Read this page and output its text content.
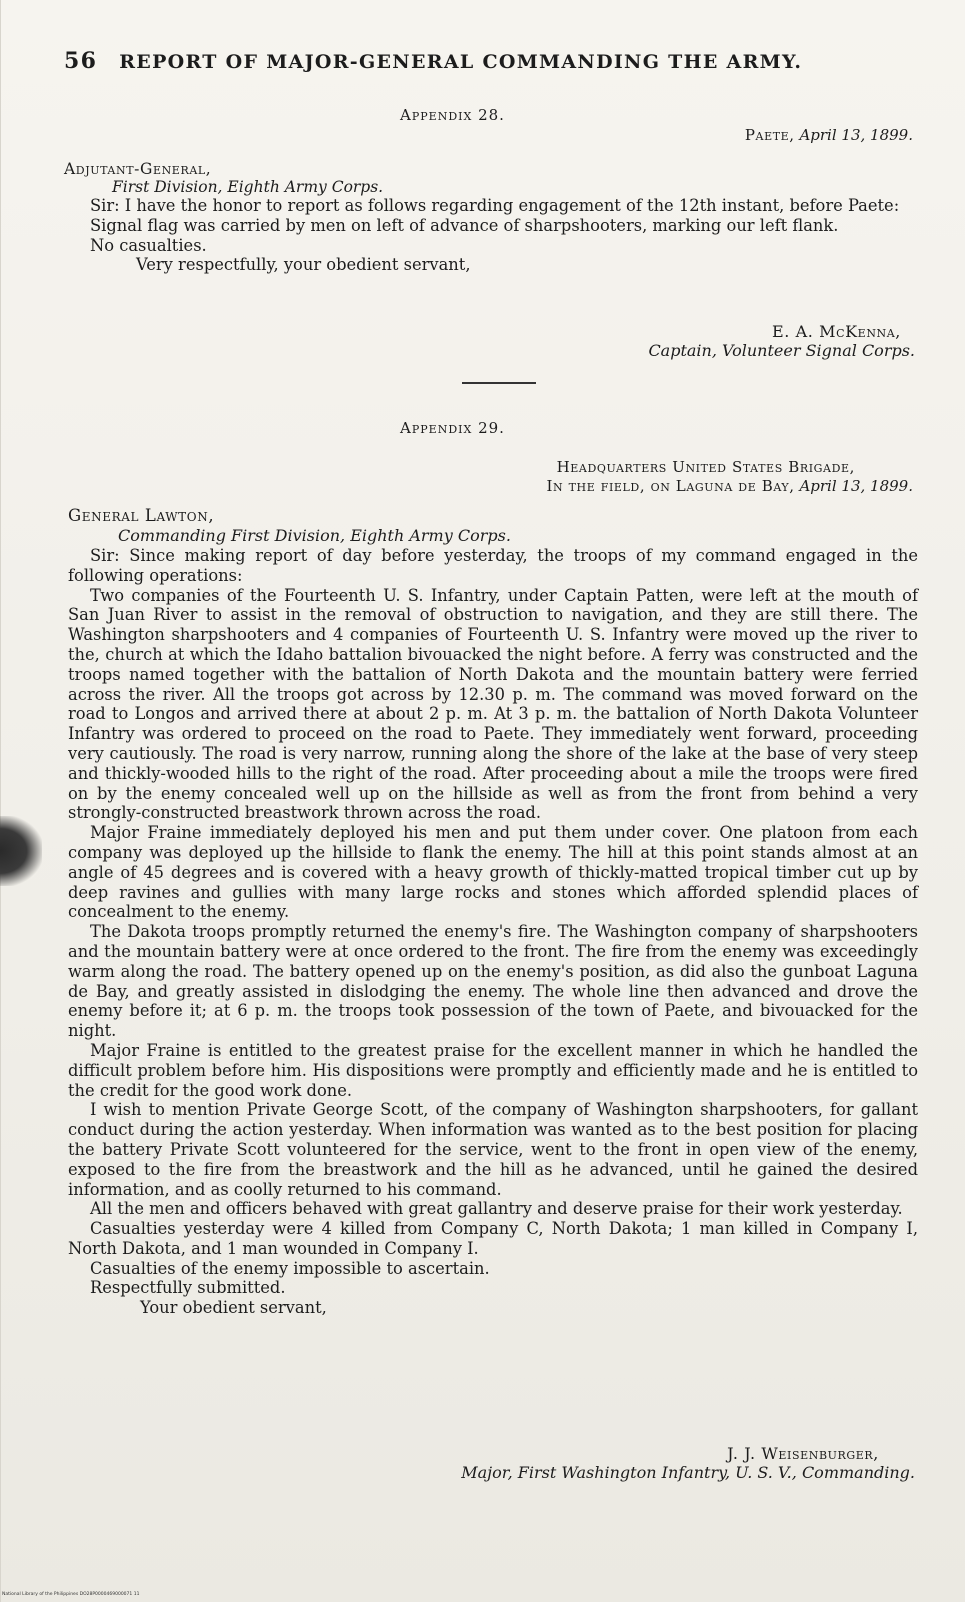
56 REPORT OF MAJOR-GENERAL COMMANDING THE ARMY.
Appendix 28.
Paete, April 13, 1899.
Adjutant-General,
First Division, Eighth Army Corps.

Sir: I have the honor to report as follows regarding engagement of the 12th instant, before Paete:

Signal flag was carried by men on left of advance of sharpshooters, marking our left flank.

No casualties.

Very respectfully, your obedient servant,

E. A. McKenna,
Captain, Volunteer Signal Corps.
Appendix 29.
Headquarters United States Brigade,
In the field, on Laguna de Bay, April 13, 1899.
General Lawton,
Commanding First Division, Eighth Army Corps.

Sir: Since making report of day before yesterday, the troops of my command engaged in the following operations:

Two companies of the Fourteenth U. S. Infantry, under Captain Patten, were left at the mouth of San Juan River to assist in the removal of obstruction to navigation, and they are still there. The Washington sharpshooters and 4 companies of Fourteenth U. S. Infantry were moved up the river to the, church at which the Idaho battalion bivouacked the night before. A ferry was constructed and the troops named together with the battalion of North Dakota and the mountain battery were ferried across the river. All the troops got across by 12.30 p. m. The command was moved forward on the road to Longos and arrived there at about 2 p. m. At 3 p. m. the battalion of North Dakota Volunteer Infantry was ordered to proceed on the road to Paete. They immediately went forward, proceeding very cautiously. The road is very narrow, running along the shore of the lake at the base of very steep and thickly-wooded hills to the right of the road. After proceeding about a mile the troops were fired on by the enemy concealed well up on the hillside as well as from the front from behind a very strongly-constructed breastwork thrown across the road.

Major Fraine immediately deployed his men and put them under cover. One platoon from each company was deployed up the hillside to flank the enemy. The hill at this point stands almost at an angle of 45 degrees and is covered with a heavy growth of thickly-matted tropical timber cut up by deep ravines and gullies with many large rocks and stones which afforded splendid places of concealment to the enemy.

The Dakota troops promptly returned the enemy's fire. The Washington company of sharpshooters and the mountain battery were at once ordered to the front. The fire from the enemy was exceedingly warm along the road. The battery opened up on the enemy's position, as did also the gunboat Laguna de Bay, and greatly assisted in dislodging the enemy. The whole line then advanced and drove the enemy before it; at 6 p. m. the troops took possession of the town of Paete, and bivouacked for the night.

Major Fraine is entitled to the greatest praise for the excellent manner in which he handled the difficult problem before him. His dispositions were promptly and efficiently made and he is entitled to the credit for the good work done.

I wish to mention Private George Scott, of the company of Washington sharpshooters, for gallant conduct during the action yesterday. When information was wanted as to the best position for placing the battery Private Scott volunteered for the service, went to the front in open view of the enemy, exposed to the fire from the breastwork and the hill as he advanced, until he gained the desired information, and as coolly returned to his command.

All the men and officers behaved with great gallantry and deserve praise for their work yesterday.

Casualties yesterday were 4 killed from Company C, North Dakota; 1 man killed in Company I, North Dakota, and 1 man wounded in Company I.

Casualties of the enemy impossible to ascertain.

Respectfully submitted.

Your obedient servant,

J. J. Weisenburger,
Major, First Washington Infantry, U. S. V., Commanding.
National Library of the Philippines DO28P0000469000071 11
